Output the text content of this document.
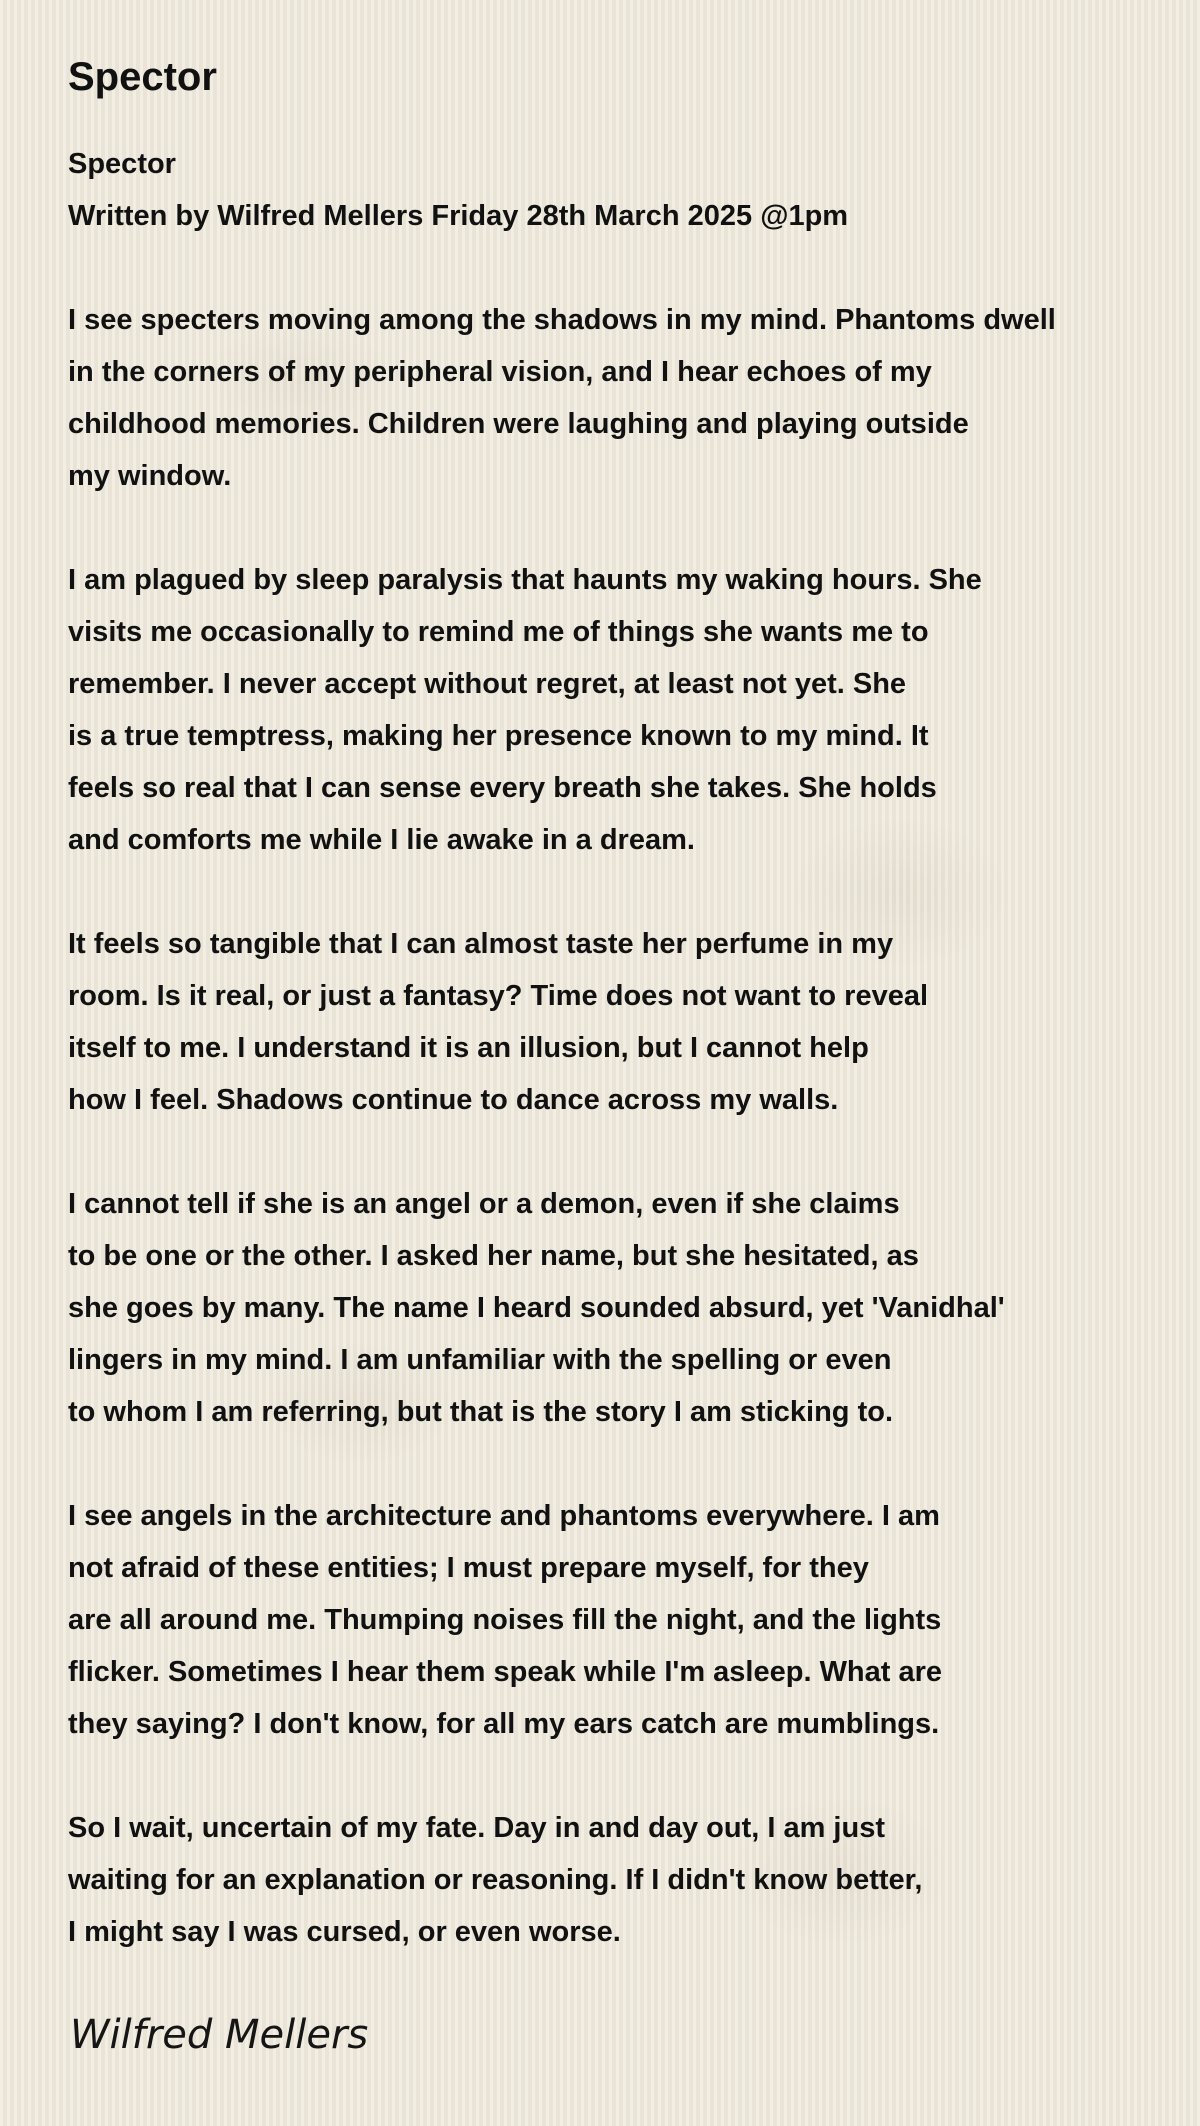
Spector
Spector
Written by Wilfred Mellers Friday 28th March 2025 @1pm
I see specters moving among the shadows in my mind. Phantoms dwell
in the corners of my peripheral vision, and I hear echoes of my
childhood memories. Children were laughing and playing outside
my window.
I am plagued by sleep paralysis that haunts my waking hours. She
visits me occasionally to remind me of things she wants me to
remember. I never accept without regret, at least not yet. She
is a true temptress, making her presence known to my mind. It
feels so real that I can sense every breath she takes. She holds
and comforts me while I lie awake in a dream.
It feels so tangible that I can almost taste her perfume in my
room. Is it real, or just a fantasy? Time does not want to reveal
itself to me. I understand it is an illusion, but I cannot help
how I feel. Shadows continue to dance across my walls.
I cannot tell if she is an angel or a demon, even if she claims
to be one or the other. I asked her name, but she hesitated, as
she goes by many. The name I heard sounded absurd, yet 'Vanidhal'
lingers in my mind. I am unfamiliar with the spelling or even
to whom I am referring, but that is the story I am sticking to.
I see angels in the architecture and phantoms everywhere. I am
not afraid of these entities; I must prepare myself, for they
are all around me. Thumping noises fill the night, and the lights
flicker. Sometimes I hear them speak while I'm asleep. What are
they saying? I don't know, for all my ears catch are mumblings.
So I wait, uncertain of my fate. Day in and day out, I am just
waiting for an explanation or reasoning. If I didn't know better,
I might say I was cursed, or even worse.
Wilfred Mellers
